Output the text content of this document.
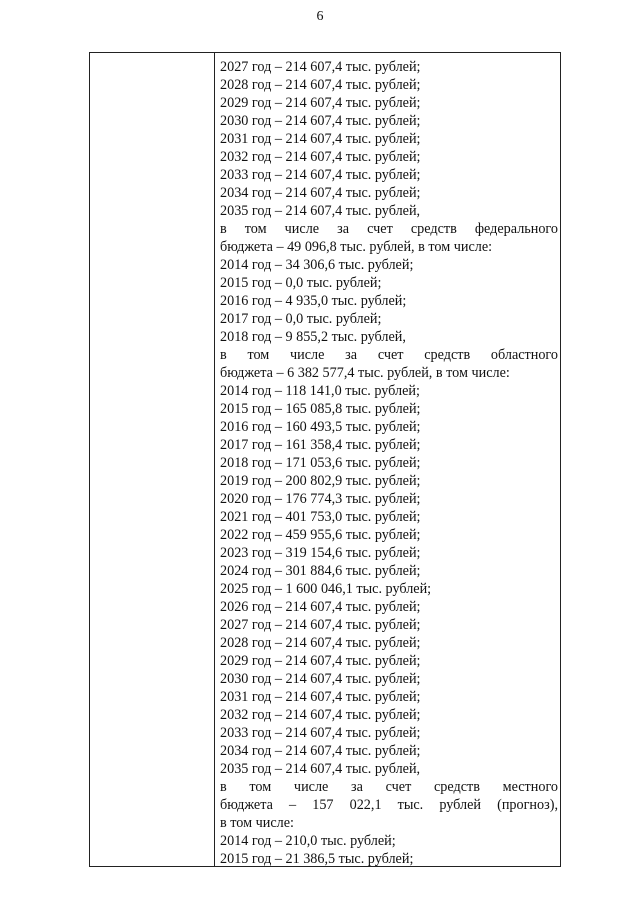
6
2027 год – 214 607,4 тыс. рублей;
2028 год – 214 607,4 тыс. рублей;
2029 год – 214 607,4 тыс. рублей;
2030 год – 214 607,4 тыс. рублей;
2031 год – 214 607,4 тыс. рублей;
2032 год – 214 607,4 тыс. рублей;
2033 год – 214 607,4 тыс. рублей;
2034 год – 214 607,4 тыс. рублей;
2035 год – 214 607,4 тыс. рублей,
в том числе за счет средств федерального
бюджета – 49 096,8 тыс. рублей, в том числе:
2014 год – 34 306,6 тыс. рублей;
2015 год – 0,0 тыс. рублей;
2016 год – 4 935,0 тыс. рублей;
2017 год – 0,0 тыс. рублей;
2018 год – 9 855,2 тыс. рублей,
в том числе за счет средств областного
бюджета – 6 382 577,4 тыс. рублей, в том числе:
2014 год – 118 141,0 тыс. рублей;
2015 год – 165 085,8 тыс. рублей;
2016 год – 160 493,5 тыс. рублей;
2017 год – 161 358,4 тыс. рублей;
2018 год – 171 053,6 тыс. рублей;
2019 год – 200 802,9 тыс. рублей;
2020 год – 176 774,3 тыс. рублей;
2021 год – 401 753,0 тыс. рублей;
2022 год – 459 955,6 тыс. рублей;
2023 год – 319 154,6 тыс. рублей;
2024 год – 301 884,6 тыс. рублей;
2025 год – 1 600 046,1 тыс. рублей;
2026 год – 214 607,4 тыс. рублей;
2027 год – 214 607,4 тыс. рублей;
2028 год – 214 607,4 тыс. рублей;
2029 год – 214 607,4 тыс. рублей;
2030 год – 214 607,4 тыс. рублей;
2031 год – 214 607,4 тыс. рублей;
2032 год – 214 607,4 тыс. рублей;
2033 год – 214 607,4 тыс. рублей;
2034 год – 214 607,4 тыс. рублей;
2035 год – 214 607,4 тыс. рублей,
в том числе за счет средств местного
бюджета – 157 022,1 тыс. рублей (прогноз),
в том числе:
2014 год – 210,0 тыс. рублей;
2015 год – 21 386,5 тыс. рублей;
